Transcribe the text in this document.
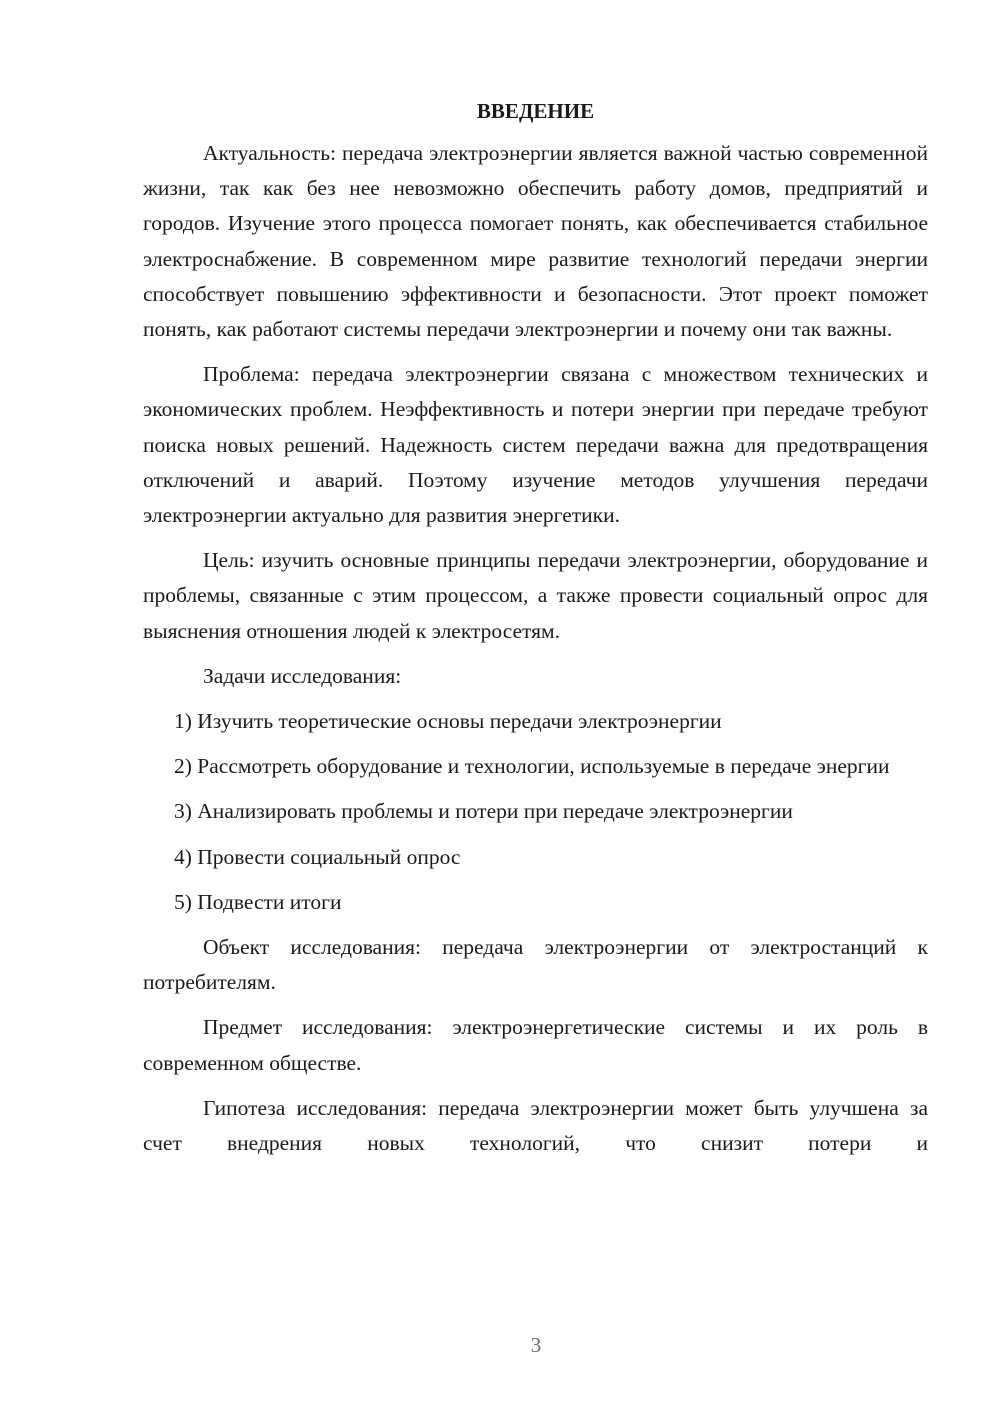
ВВЕДЕНИЕ

Актуальность: передача электроэнергии является важной частью современной жизни, так как без нее невозможно обеспечить работу домов, предприятий и городов. Изучение этого процесса помогает понять, как обеспечивается стабильное электроснабжение. В современном мире развитие технологий передачи энергии способствует повышению эффективности и безопасности. Этот проект поможет понять, как работают системы передачи электроэнергии и почему они так важны.

Проблема: передача электроэнергии связана с множеством технических и экономических проблем. Неэффективность и потери энергии при передаче требуют поиска новых решений. Надежность систем передачи важна для предотвращения отключений и аварий. Поэтому изучение методов улучшения передачи электроэнергии актуально для развития энергетики.

Цель: изучить основные принципы передачи электроэнергии, оборудование и проблемы, связанные с этим процессом, а также провести социальный опрос для выяснения отношения людей к электросетям.

Задачи исследования:

1) Изучить теоретические основы передачи электроэнергии

2) Рассмотреть оборудование и технологии, используемые в передаче энергии

3) Анализировать проблемы и потери при передаче электроэнергии

4) Провести социальный опрос

5) Подвести итоги

Объект исследования: передача электроэнергии от электростанций к потребителям.

Предмет исследования: электроэнергетические системы и их роль в современном обществе.

Гипотеза исследования: передача электроэнергии может быть улучшена за счет внедрения новых технологий, что снизит потери и

3
